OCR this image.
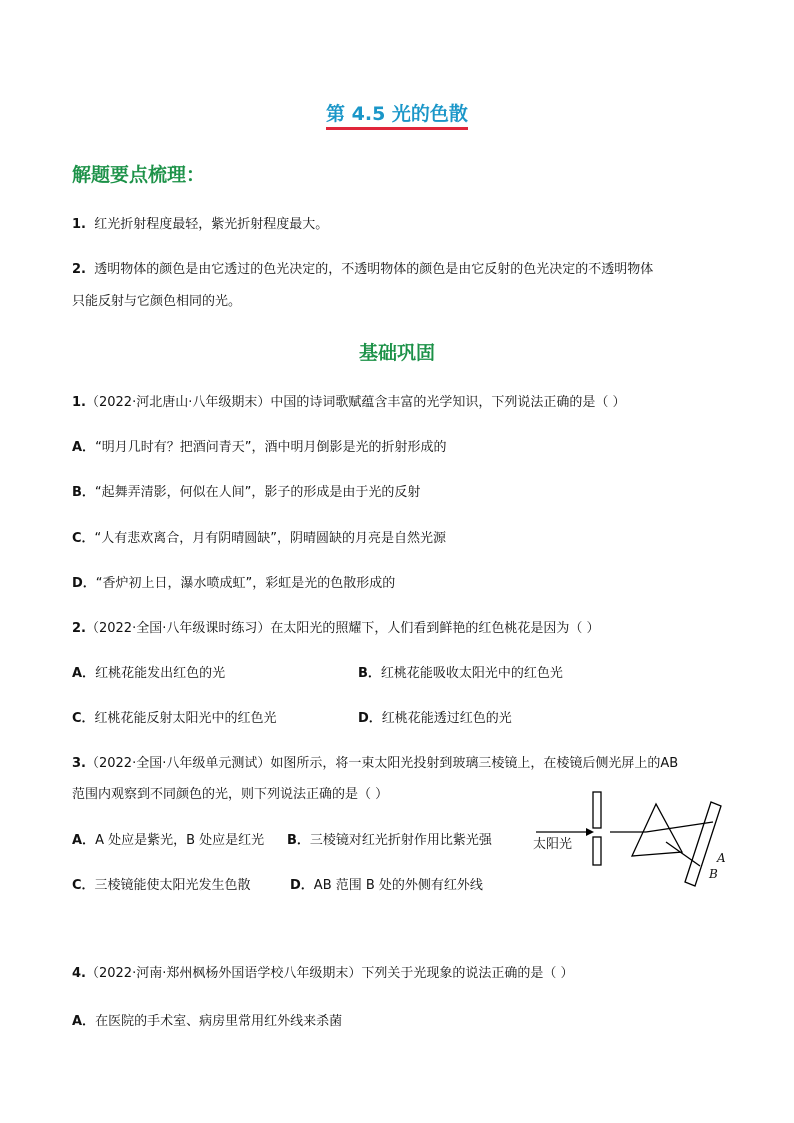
第 4.5 光的色散
解题要点梳理：
1. 红光折射程度最轻，紫光折射程度最大。
2. 透明物体的颜色是由它透过的色光决定的，不透明物体的颜色是由它反射的色光决定的不透明物体
只能反射与它颜色相同的光。
基础巩固
1.（2022·河北唐山·八年级期末）中国的诗词歌赋蕴含丰富的光学知识，下列说法正确的是（ ）
A．“明月几时有？把酒问青天”，酒中明月倒影是光的折射形成的
B．“起舞弄清影，何似在人间”，影子的形成是由于光的反射
C．“人有悲欢离合，月有阴晴圆缺”，阴晴圆缺的月亮是自然光源
D．“香炉初上日，瀑水喷成虹”，彩虹是光的色散形成的
2.（2022·全国·八年级课时练习）在太阳光的照耀下，人们看到鲜艳的红色桃花是因为（ ）
A．红桃花能发出红色的光	B．红桃花能吸收太阳光中的红色光
C．红桃花能反射太阳光中的红色光	D．红桃花能透过红色的光
3.（2022·全国·八年级单元测试）如图所示，将一束太阳光投射到玻璃三棱镜上，在棱镜后侧光屏上的AB
范围内观察到不同颜色的光，则下列说法正确的是（ ）
A．A 处应是紫光，B 处应是红光 B．三棱镜对红光折射作用比紫光强
C．三棱镜能使太阳光发生色散	D．AB 范围 B 处的外侧有红外线
太阳光
A
B
4.（2022·河南·郑州枫杨外国语学校八年级期末）下列关于光现象的说法正确的是（ ）
A．在医院的手术室、病房里常用红外线来杀菌
